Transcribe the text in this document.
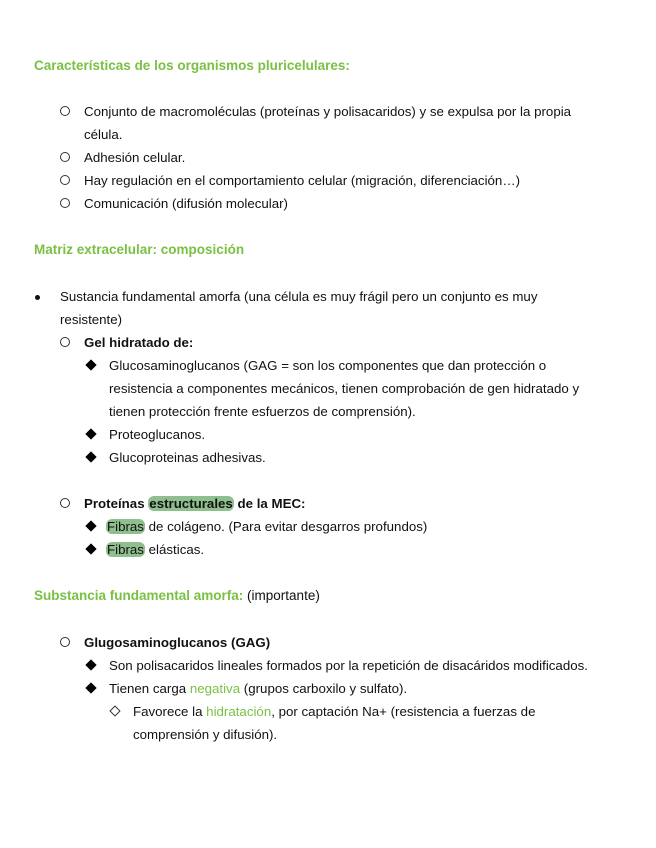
Características de los organismos pluricelulares:
Conjunto de macromoléculas (proteínas y polisacaridos) y se expulsa por la propia
célula.
Adhesión celular.
Hay regulación en el comportamiento celular (migración, diferenciación…)
Comunicación (difusión molecular)
Matriz extracelular: composición
Sustancia fundamental amorfa (una célula es muy frágil pero un conjunto es muy
resistente)
Gel hidratado de:
Glucosaminoglucanos (GAG = son los componentes que dan protección o
resistencia a componentes mecánicos, tienen comprobación de gen hidratado y
tienen protección frente esfuerzos de comprensión).
Proteoglucanos.
Glucoproteinas adhesivas.
Proteínas estructurales de la MEC:
Fibras de colágeno. (Para evitar desgarros profundos)
Fibras elásticas.
Substancia fundamental amorfa: (importante)
Glugosaminoglucanos (GAG)
Son polisacaridos lineales formados por la repetición de disacáridos modificados.
Tienen carga negativa (grupos carboxilo y sulfato).
Favorece la hidratación, por captación Na+ (resistencia a fuerzas de
comprensión y difusión).
